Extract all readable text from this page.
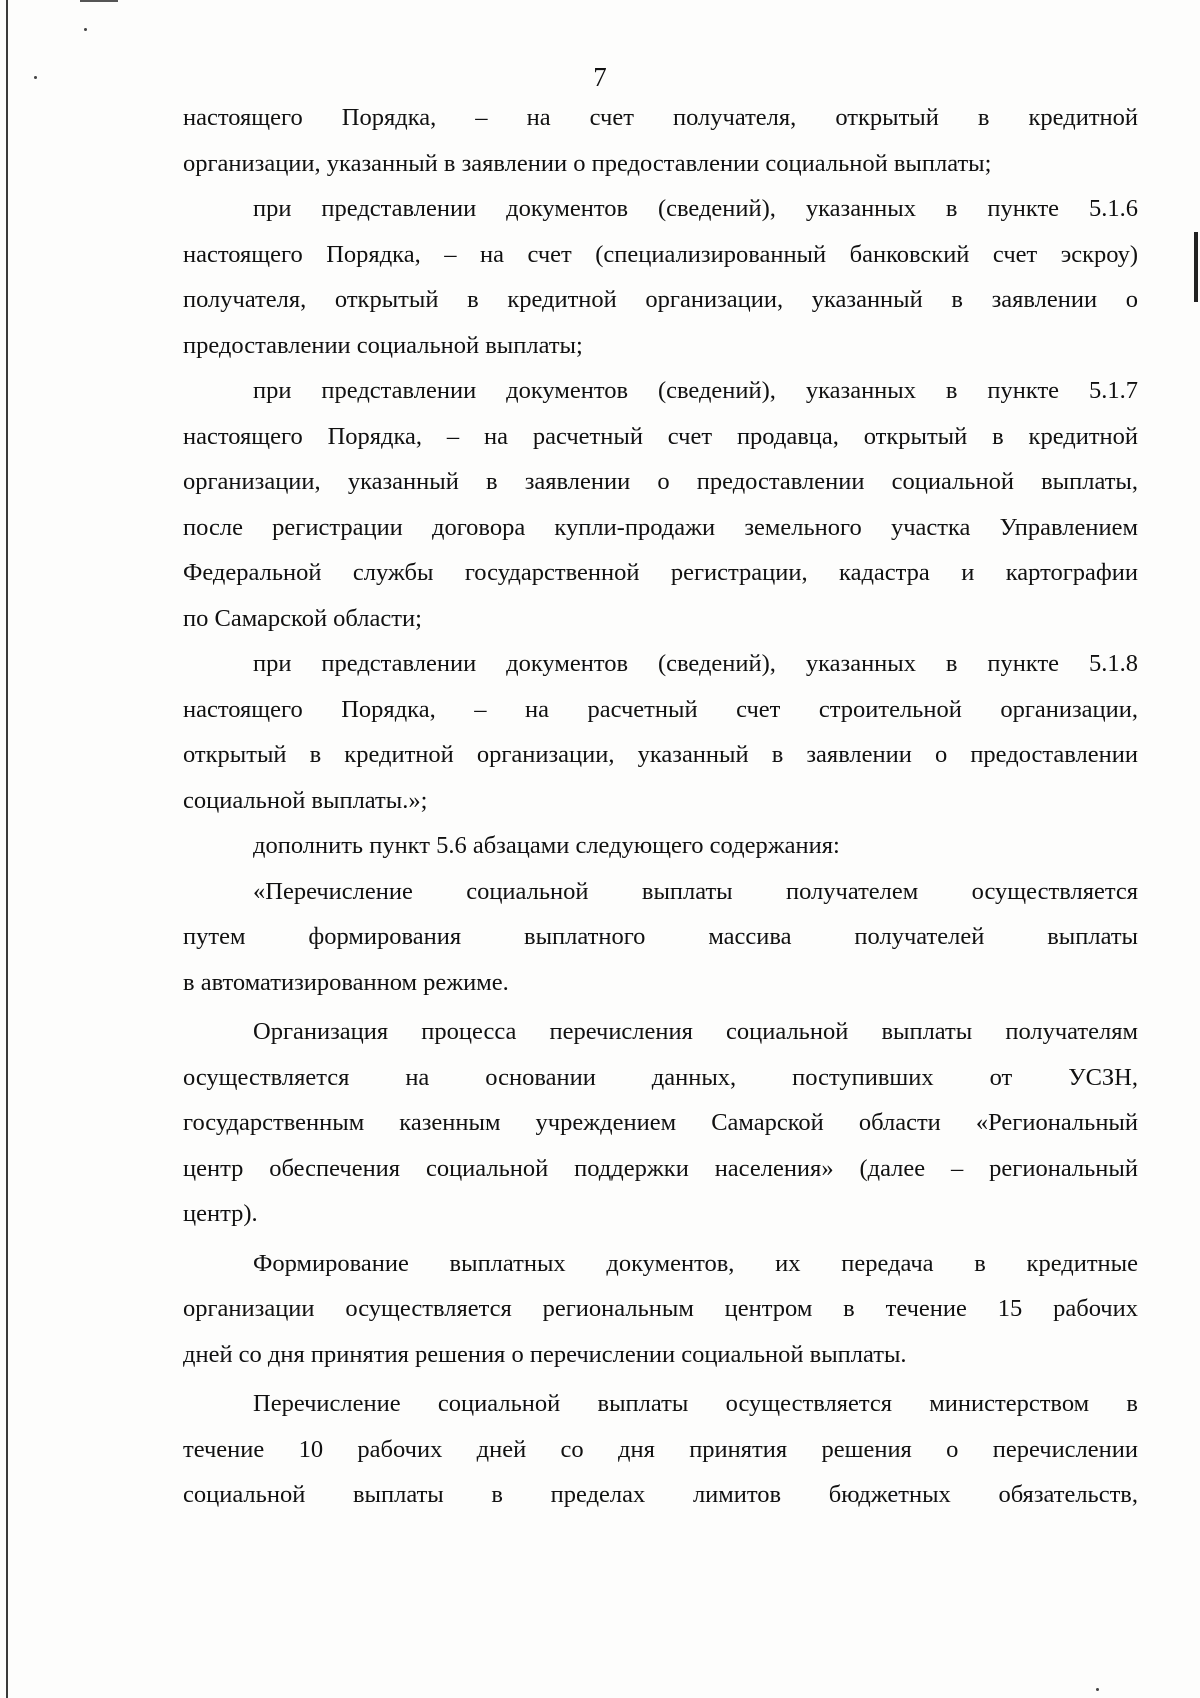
7
настоящего Порядка, – на счет получателя, открытый в кредитной
организации, указанный в заявлении о предоставлении социальной выплаты;
при представлении документов (сведений), указанных в пункте 5.1.6
настоящего Порядка, – на счет (специализированный банковский счет эскроу)
получателя, открытый в кредитной организации, указанный в заявлении о
предоставлении социальной выплаты;
при представлении документов (сведений), указанных в пункте 5.1.7
настоящего Порядка, – на расчетный счет продавца, открытый в кредитной
организации, указанный в заявлении о предоставлении социальной выплаты,
после регистрации договора купли-продажи земельного участка Управлением
Федеральной службы государственной регистрации, кадастра и картографии
по Самарской области;
при представлении документов (сведений), указанных в пункте 5.1.8
настоящего Порядка, – на расчетный счет строительной организации,
открытый в кредитной организации, указанный в заявлении о предоставлении
социальной выплаты.»;
дополнить пункт 5.6 абзацами следующего содержания:
«Перечисление социальной выплаты получателем осуществляется
путем формирования выплатного массива получателей выплаты
в автоматизированном режиме.
Организация процесса перечисления социальной выплаты получателям
осуществляется на основании данных, поступивших от УСЗН,
государственным казенным учреждением Самарской области «Региональный
центр обеспечения социальной поддержки населения» (далее – региональный
центр).
Формирование выплатных документов, их передача в кредитные
организации осуществляется региональным центром в течение 15 рабочих
дней со дня принятия решения о перечислении социальной выплаты.
Перечисление социальной выплаты осуществляется министерством в
течение 10 рабочих дней со дня принятия решения о перечислении
социальной выплаты в пределах лимитов бюджетных обязательств,
